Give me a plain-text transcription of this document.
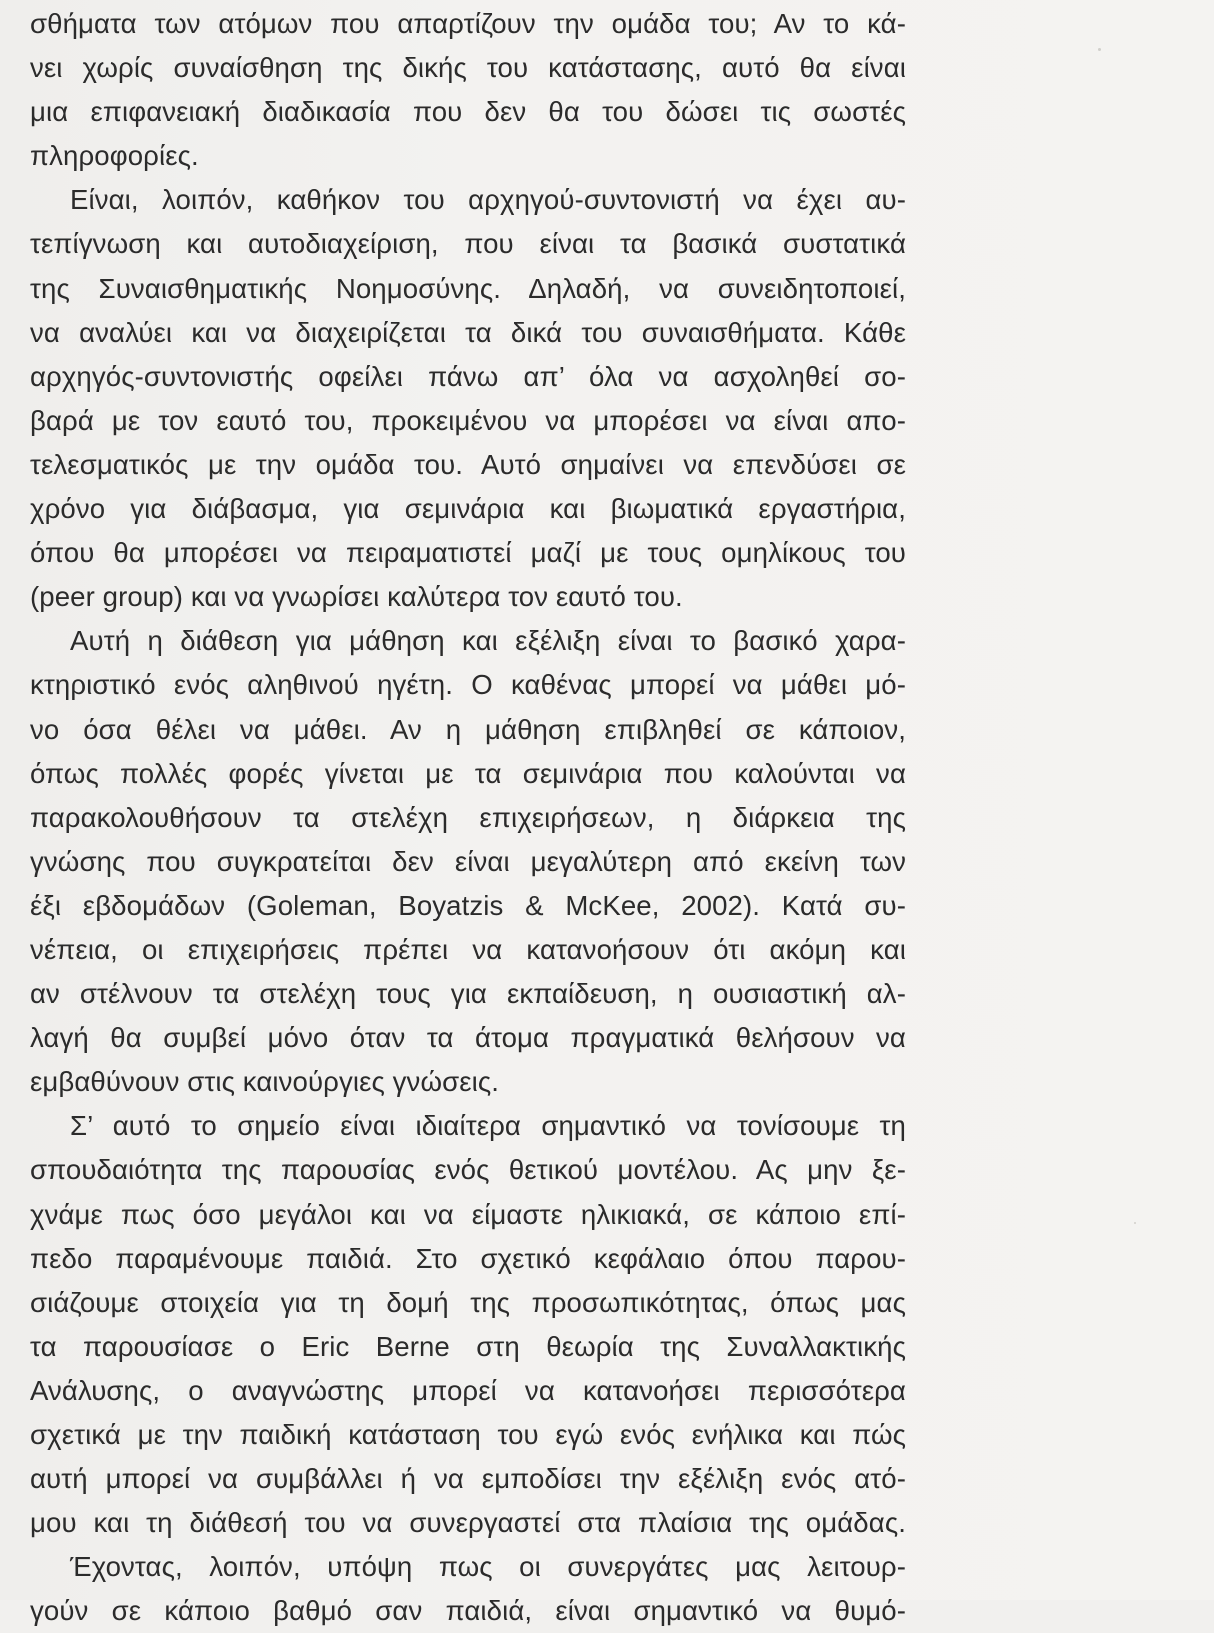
σθήματα των ατόμων που απαρτίζουν την ομάδα του; Αν το κά-
νει χωρίς συναίσθηση της δικής του κατάστασης, αυτό θα είναι
μια επιφανειακή διαδικασία που δεν θα του δώσει τις σωστές
πληροφορίες.
Είναι, λοιπόν, καθήκον του αρχηγού-συντονιστή να έχει αυ-
τεπίγνωση και αυτοδιαχείριση, που είναι τα βασικά συστατικά
της Συναισθηματικής Νοημοσύνης. Δηλαδή, να συνειδητοποιεί,
να αναλύει και να διαχειρίζεται τα δικά του συναισθήματα. Κάθε
αρχηγός-συντονιστής οφείλει πάνω απ’ όλα να ασχοληθεί σο-
βαρά με τον εαυτό του, προκειμένου να μπορέσει να είναι απο-
τελεσματικός με την ομάδα του. Αυτό σημαίνει να επενδύσει σε
χρόνο για διάβασμα, για σεμινάρια και βιωματικά εργαστήρια,
όπου θα μπορέσει να πειραματιστεί μαζί με τους ομηλίκους του
(peer group) και να γνωρίσει καλύτερα τον εαυτό του.
Αυτή η διάθεση για μάθηση και εξέλιξη είναι το βασικό χαρα-
κτηριστικό ενός αληθινού ηγέτη. Ο καθένας μπορεί να μάθει μό-
νο όσα θέλει να μάθει. Αν η μάθηση επιβληθεί σε κάποιον,
όπως πολλές φορές γίνεται με τα σεμινάρια που καλούνται να
παρακολουθήσουν τα στελέχη επιχειρήσεων, η διάρκεια της
γνώσης που συγκρατείται δεν είναι μεγαλύτερη από εκείνη των
έξι εβδομάδων (Goleman, Boyatzis & McKee, 2002). Κατά συ-
νέπεια, οι επιχειρήσεις πρέπει να κατανοήσουν ότι ακόμη και
αν στέλνουν τα στελέχη τους για εκπαίδευση, η ουσιαστική αλ-
λαγή θα συμβεί μόνο όταν τα άτομα πραγματικά θελήσουν να
εμβαθύνουν στις καινούργιες γνώσεις.
Σ’ αυτό το σημείο είναι ιδιαίτερα σημαντικό να τονίσουμε τη
σπουδαιότητα της παρουσίας ενός θετικού μοντέλου. Ας μην ξε-
χνάμε πως όσο μεγάλοι και να είμαστε ηλικιακά, σε κάποιο επί-
πεδο παραμένουμε παιδιά. Στο σχετικό κεφάλαιο όπου παρου-
σιάζουμε στοιχεία για τη δομή της προσωπικότητας, όπως μας
τα παρουσίασε ο Eric Berne στη θεωρία της Συναλλακτικής
Ανάλυσης, ο αναγνώστης μπορεί να κατανοήσει περισσότερα
σχετικά με την παιδική κατάσταση του εγώ ενός ενήλικα και πώς
αυτή μπορεί να συμβάλλει ή να εμποδίσει την εξέλιξη ενός ατό-
μου και τη διάθεσή του να συνεργαστεί στα πλαίσια της ομάδας.
Έχοντας, λοιπόν, υπόψη πως οι συνεργάτες μας λειτουρ-
γούν σε κάποιο βαθμό σαν παιδιά, είναι σημαντικό να θυμό-
